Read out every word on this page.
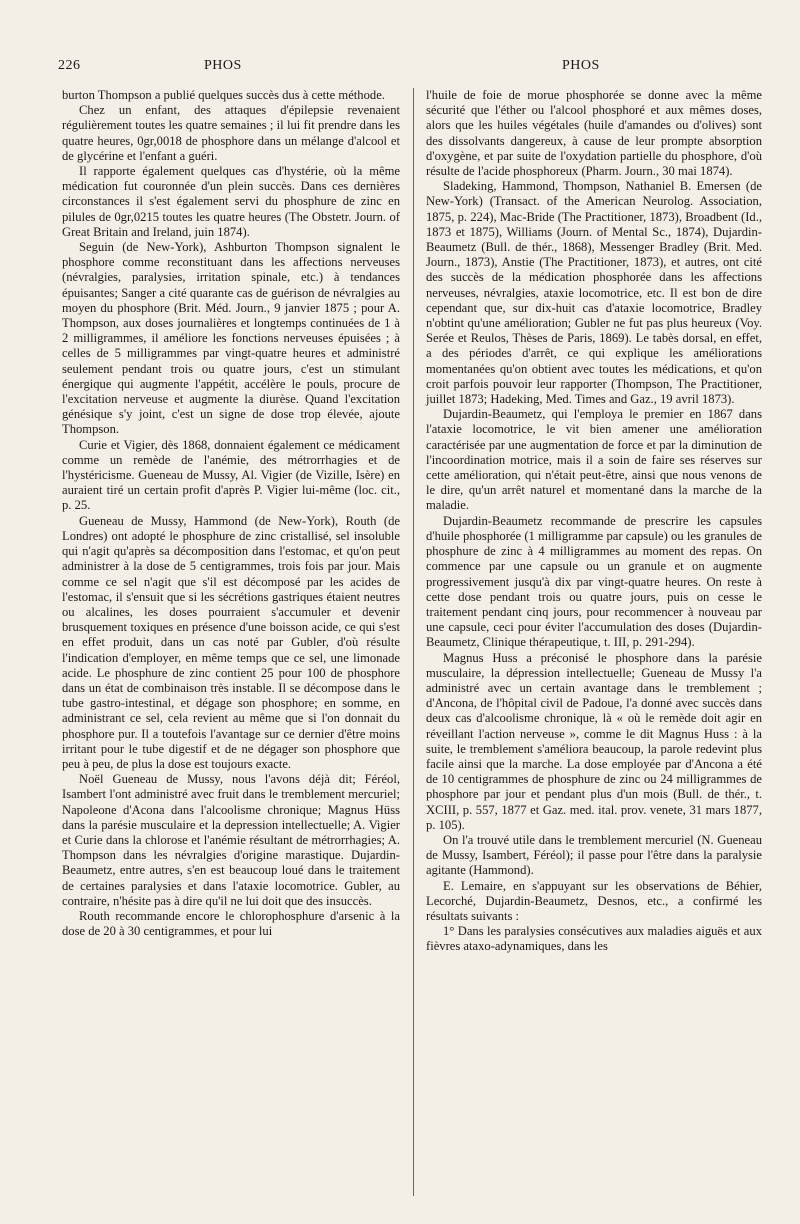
226	PHOS	PHOS

burton Thompson a publié quelques succès dus à cette méthode.

Chez un enfant, des attaques d'épilepsie revenaient régulièrement toutes les quatre semaines ; il lui fit prendre dans les quatre heures, 0gr,0018 de phosphore dans un mélange d'alcool et de glycérine et l'enfant a guéri.

Il rapporte également quelques cas d'hystérie, où la même médication fut couronnée d'un plein succès. Dans ces dernières circonstances il s'est également servi du phosphure de zinc en pilules de 0gr,0215 toutes les quatre heures (The Obstetr. Journ. of Great Britain and Ireland, juin 1874).

Seguin (de New-York), Ashburton Thompson signalent le phosphore comme reconstituant dans les affections nerveuses (névralgies, paralysies, irritation spinale, etc.) à tendances épuisantes; Sanger a cité quarante cas de guérison de névralgies au moyen du phosphore (Brit. Méd. Journ., 9 janvier 1875 ; pour A. Thompson, aux doses journalières et longtemps continuées de 1 à 2 milligrammes, il améliore les fonctions nerveuses épuisées ; à celles de 5 milligrammes par vingt-quatre heures et administré seulement pendant trois ou quatre jours, c'est un stimulant énergique qui augmente l'appétit, accélère le pouls, procure de l'excitation nerveuse et augmente la diurèse. Quand l'excitation génésique s'y joint, c'est un signe de dose trop élevée, ajoute Thompson.

Curie et Vigier, dès 1868, donnaient également ce médicament comme un remède de l'anémie, des métrorrhagies et de l'hystéricisme. Gueneau de Mussy, Al. Vigier (de Vizille, Isère) en auraient tiré un certain profit d'après P. Vigier lui-même (loc. cit., p. 25.

Gueneau de Mussy, Hammond (de New-York), Routh (de Londres) ont adopté le phosphure de zinc cristallisé, sel insoluble qui n'agit qu'après sa décomposition dans l'estomac, et qu'on peut administrer à la dose de 5 centigrammes, trois fois par jour. Mais comme ce sel n'agit que s'il est décomposé par les acides de l'estomac, il s'ensuit que si les sécrétions gastriques étaient neutres ou alcalines, les doses pourraient s'accumuler et devenir brusquement toxiques en présence d'une boisson acide, ce qui s'est en effet produit, dans un cas noté par Gubler, d'où résulte l'indication d'employer, en même temps que ce sel, une limonade acide. Le phosphure de zinc contient 25 pour 100 de phosphore dans un état de combinaison très instable. Il se décompose dans le tube gastro-intestinal, et dégage son phosphore; en somme, en administrant ce sel, cela revient au même que si l'on donnait du phosphore pur. Il a toutefois l'avantage sur ce dernier d'être moins irritant pour le tube digestif et de ne dégager son phosphore que peu à peu, de plus la dose est toujours exacte.

Noël Gueneau de Mussy, nous l'avons déjà dit; Féréol, Isambert l'ont administré avec fruit dans le tremblement mercuriel; Napoleone d'Acona dans l'alcoolisme chronique; Magnus Hüss dans la parésie musculaire et la depression intellectuelle; A. Vigier et Curie dans la chlorose et l'anémie résultant de métrorrhagies; A. Thompson dans les névralgies d'origine marastique. Dujardin-Beaumetz, entre autres, s'en est beaucoup loué dans le traitement de certaines paralysies et dans l'ataxie locomotrice. Gubler, au contraire, n'hésite pas à dire qu'il ne lui doit que des insuccès.

Routh recommande encore le chlorophosphure d'arsenic à la dose de 20 à 30 centigrammes, et pour lui

l'huile de foie de morue phosphorée se donne avec la même sécurité que l'éther ou l'alcool phosphoré et aux mêmes doses, alors que les huiles végétales (huile d'amandes ou d'olives) sont des dissolvants dangereux, à cause de leur prompte absorption d'oxygène, et par suite de l'oxydation partielle du phosphore, d'où résulte de l'acide phosphoreux (Pharm. Journ., 30 mai 1874).

Sladeking, Hammond, Thompson, Nathaniel B. Emersen (de New-York) (Transact. of the American Neurolog. Association, 1875, p. 224), Mac-Bride (The Practitioner, 1873), Broadbent (Id., 1873 et 1875), Williams (Journ. of Mental Sc., 1874), Dujardin-Beaumetz (Bull. de thér., 1868), Messenger Bradley (Brit. Med. Journ., 1873), Anstie (The Practitioner, 1873), et autres, ont cité des succès de la médication phosphorée dans les affections nerveuses, névralgies, ataxie locomotrice, etc. Il est bon de dire cependant que, sur dix-huit cas d'ataxie locomotrice, Bradley n'obtint qu'une amélioration; Gubler ne fut pas plus heureux (Voy. Serée et Reulos, Thèses de Paris, 1869). Le tabès dorsal, en effet, a des périodes d'arrêt, ce qui explique les améliorations momentanées qu'on obtient avec toutes les médications, et qu'on croit parfois pouvoir leur rapporter (Thompson, The Practitioner, juillet 1873; Hadeking, Med. Times and Gaz., 19 avril 1873).

Dujardin-Beaumetz, qui l'employa le premier en 1867 dans l'ataxie locomotrice, le vit bien amener une amélioration caractérisée par une augmentation de force et par la diminution de l'incoordination motrice, mais il a soin de faire ses réserves sur cette amélioration, qui n'était peut-être, ainsi que nous venons de le dire, qu'un arrêt naturel et momentané dans la marche de la maladie.

Dujardin-Beaumetz recommande de prescrire les capsules d'huile phosphorée (1 milligramme par capsule) ou les granules de phosphure de zinc à 4 milligrammes au moment des repas. On commence par une capsule ou un granule et on augmente progressivement jusqu'à dix par vingt-quatre heures. On reste à cette dose pendant trois ou quatre jours, puis on cesse le traitement pendant cinq jours, pour recommencer à nouveau par une capsule, ceci pour éviter l'accumulation des doses (Dujardin-Beaumetz, Clinique thérapeutique, t. III, p. 291-294).

Magnus Huss a préconisé le phosphore dans la parésie musculaire, la dépression intellectuelle; Gueneau de Mussy l'a administré avec un certain avantage dans le tremblement ; d'Ancona, de l'hôpital civil de Padoue, l'a donné avec succès dans deux cas d'alcoolisme chronique, là « où le remède doit agir en réveillant l'action nerveuse », comme le dit Magnus Huss : à la suite, le tremblement s'améliora beaucoup, la parole redevint plus facile ainsi que la marche. La dose employée par d'Ancona a été de 10 centigrammes de phosphure de zinc ou 24 milligrammes de phosphore par jour et pendant plus d'un mois (Bull. de thér., t. XCIII, p. 557, 1877 et Gaz. med. ital. prov. venete, 31 mars 1877, p. 105).

On l'a trouvé utile dans le tremblement mercuriel (N. Gueneau de Mussy, Isambert, Féréol); il passe pour l'être dans la paralysie agitante (Hammond).

E. Lemaire, en s'appuyant sur les observations de Béhier, Lecorché, Dujardin-Beaumetz, Desnos, etc., a confirmé les résultats suivants :

1° Dans les paralysies consécutives aux maladies aiguës et aux fièvres ataxo-adynamiques, dans les
